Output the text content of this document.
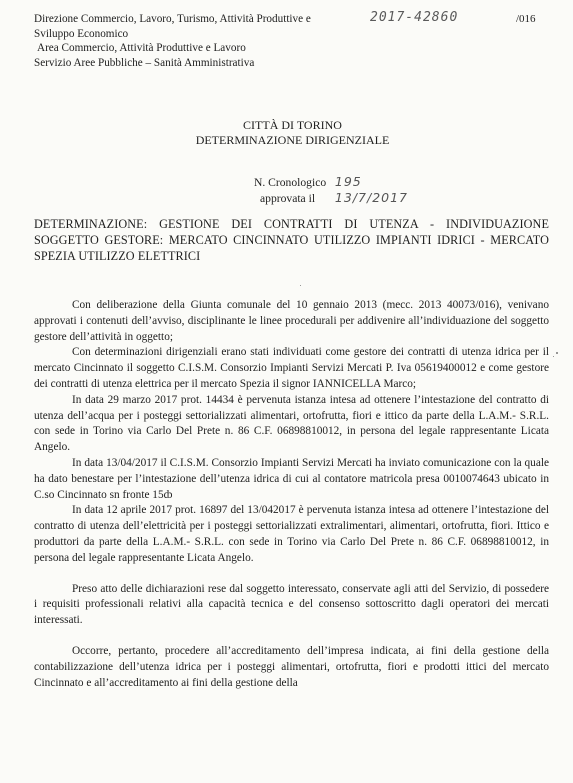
Direzione Commercio, Lavoro, Turismo, Attività Produttive e
Sviluppo Economico
Area Commercio, Attività Produttive e Lavoro
Servizio Aree Pubbliche – Sanità Amministrativa
2017-42860	/016
CITTÀ DI TORINO
DETERMINAZIONE DIRIGENZIALE
N. Cronologico 195
approvata il 13/7/2017
DETERMINAZIONE: GESTIONE DEI CONTRATTI DI UTENZA - INDIVIDUAZIONE SOGGETTO GESTORE: MERCATO CINCINNATO UTILIZZO IMPIANTI IDRICI - MERCATO SPEZIA UTILIZZO ELETTRICI

Con deliberazione della Giunta comunale del 10 gennaio 2013 (mecc. 2013 40073/016), venivano approvati i contenuti dell’avviso, disciplinante le linee procedurali per addivenire all’individuazione del soggetto gestore dell’attività in oggetto;

Con determinazioni dirigenziali erano stati individuati come gestore dei contratti di utenza idrica per il mercato Cincinnato il soggetto C.I.S.M. Consorzio Impianti Servizi Mercati P. Iva 05619400012 e come gestore dei contratti di utenza elettrica per il mercato Spezia il signor IANNICELLA Marco;

In data 29 marzo 2017 prot. 14434 è pervenuta istanza intesa ad ottenere l’intestazione del contratto di utenza dell’acqua per i posteggi settorializzati alimentari, ortofrutta, fiori e ittico da parte della L.A.M.- S.R.L. con sede in Torino via Carlo Del Prete n. 86 C.F. 06898810012, in persona del legale rappresentante Licata Angelo.

In data 13/04/2017 il C.I.S.M. Consorzio Impianti Servizi Mercati ha inviato comunicazione con la quale ha dato benestare per l’intestazione dell’utenza idrica di cui al contatore matricola presa 0010074643 ubicato in C.so Cincinnato sn fronte 15ȸ

In data 12 aprile 2017 prot. 16897 del 13/042017 è pervenuta istanza intesa ad ottenere l’intestazione del contratto di utenza dell’elettricità per i posteggi settorializzati extralimentari, alimentari, ortofrutta, fiori. Ittico e produttori da parte della L.A.M.- S.R.L. con sede in Torino via Carlo Del Prete n. 86 C.F. 06898810012, in persona del legale rappresentante Licata Angelo.

Preso atto delle dichiarazioni rese dal soggetto interessato, conservate agli atti del Servizio, di possedere i requisiti professionali relativi alla capacità tecnica e del consenso sottoscritto dagli operatori dei mercati interessati.

Occorre, pertanto, procedere all’accreditamento dell’impresa indicata, ai fini della gestione della contabilizzazione dell’utenza idrica per i posteggi alimentari, ortofrutta, fiori e prodotti ittici del mercato Cincinnato e all’accreditamento ai fini della gestione della
